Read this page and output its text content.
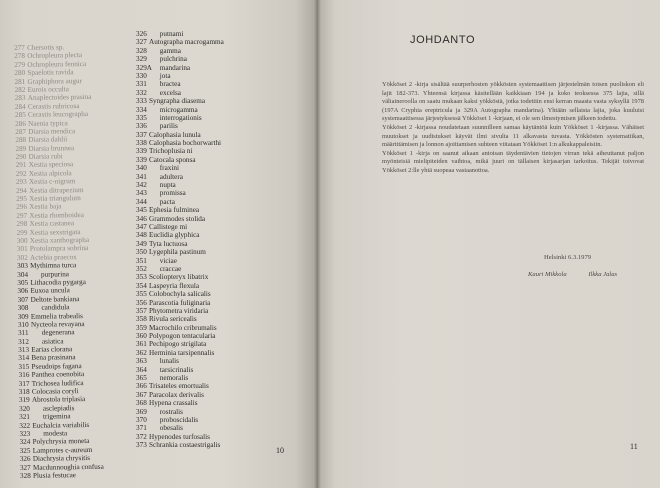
277 Chersotis sp.
278 Ochropleura plecta
279 Ochropleura fennica
280 Spaelotis ravida
281 Graphiphora augur
282 Eurois occulta
283 Anaplectoides prasina
284 Cerastis rubricosa
285 Cerastis leucographa
286 Naenia typica
287 Diarsia mendica
288 Diarsia dahlii
289 Diarsia brunnea
290 Diarsia rubi
291 Xestia speciosa
292 Xestia alpicola
293 Xestia c-nigrum
294 Xestia ditrapezium
295 Xestia triangulum
296 Xestia baja
297 Xestia rhomboidea
298 Xestia castanea
299 Xestia sexstrigata
300 Xestia xanthographa
301 Protolampra sobrina
302 Actebia praecox
303 Mythimna turca
304 purpurina
305 Lithacodia pygarga
306 Euxoa uncula
307 Deltote bankiana
308 candidula
309 Emmelia trabealis
310 Nycteola revayana
311 degenerana
312 asiatica
313 Earias clorana
314 Bena prasinana
315 Pseudoips fagana
316 Panthea coenobita
317 Trichosea ludifica
318 Colocasia coryli
319 Abrostola triplasia
320 asclepiadis
321 trigemina
322 Euchalcia variabilis
323 modesta
324 Polychrysia moneta
325 Lamprotes c-aureum
326 Diachrysia chrysitis
327 Macdunnoughia confusa
328 Plusia festucae
326 putnami
327 Autographa macrogamma
328 gamma
329 pulchrina
329A
mandarina
330 jota
331 bractea
332 excelsa
333 Syngrapha diasema
334 microgamma
335 interrogationis
336 parilis
337 Calophasia lunula
338 Calophasia bochorwarthi
339 Trichoplusia ni
339 Catocala sponsa
340 fraxini
341 adultera
342 nupta
343 promissa
344 pacta
345 Ephesia fulminea
346 Grammodes stolida
347 Callistege mi
348 Euclidia glyphica
349 Tyta luctuosa
350 Lygephila pastinum
351 viciae
352 craccae
353 Scoliopteryx libatrix
354 Laspeyria flexula
355 Colobochyla salicalis
356 Parascotia fuliginaria
357 Phytometra viridaria
358 Rivula sericealis
359 Macrochilo cribrumalis
360 Polypogon tentacularia
361 Pechipogo strigilata
362 Herminia tarsipennalis
363 lunalis
364 tarsicrinalis
365 nemoralis
366 Trisateles emortualis
367 Paracolax derivalis
368 Hypena crassalis
369 rostralis
370 proboscidalis
371 obesalis
372 Hypenodes turfosalis
373 Schrankia costaestrigalis
10
JOHDANTO

Yökköset 2 -kirja sisältää suurperhosten yökkösten systemaattisen järjestelmän toisen puoliskon eli lajit 182-373. Yhteensä kirjassa käsitellään kaikkiaan 194 ja koko teoksessa 375 lajia, sillä väliaineroolla on saatu mukaan kaksi yökköstä, jotka todettiin ensi kerran maasta vasta syksyllä 1978 (197A Cryphia ereptricula ja 329A Autographa mandarina). Yhtään sellaista lajia, joka kuuluisi systemaattisessa järjestyksessä Yökköset 1 -kirjaan, ei ole sen ilmestymisen jälkeen todettu.

Yökköset 2 -kirjassa noudatetaan suunnilleen samaa käytäntöä kuin Yökköset 1 -kirjassa. Vähäiset muutokset ja uudistukset käyvät ilmi sivulta 11 alkavasta tuvasta. Yökkösten systematiikan, määrittämisen ja lonnon ajoittamisen suhteen viitataan Yökköset 1:n alkukappaleisiin.

Yökköset 1 -kirja on saanut aikaan antoisan täydentävien tietojen virran tekä aiheuttanut paljon myönteisiä mielipiteiden vaihtoa, mikä juuri on tällaisen kirjasarjan tarkoitus. Tekijät toivovat Yökköset 2:lle yhtä suopeaa vastaanottoa.

Helsinki 6.3.1979
Kauri Mikkola	Ilkka Jalas
11
